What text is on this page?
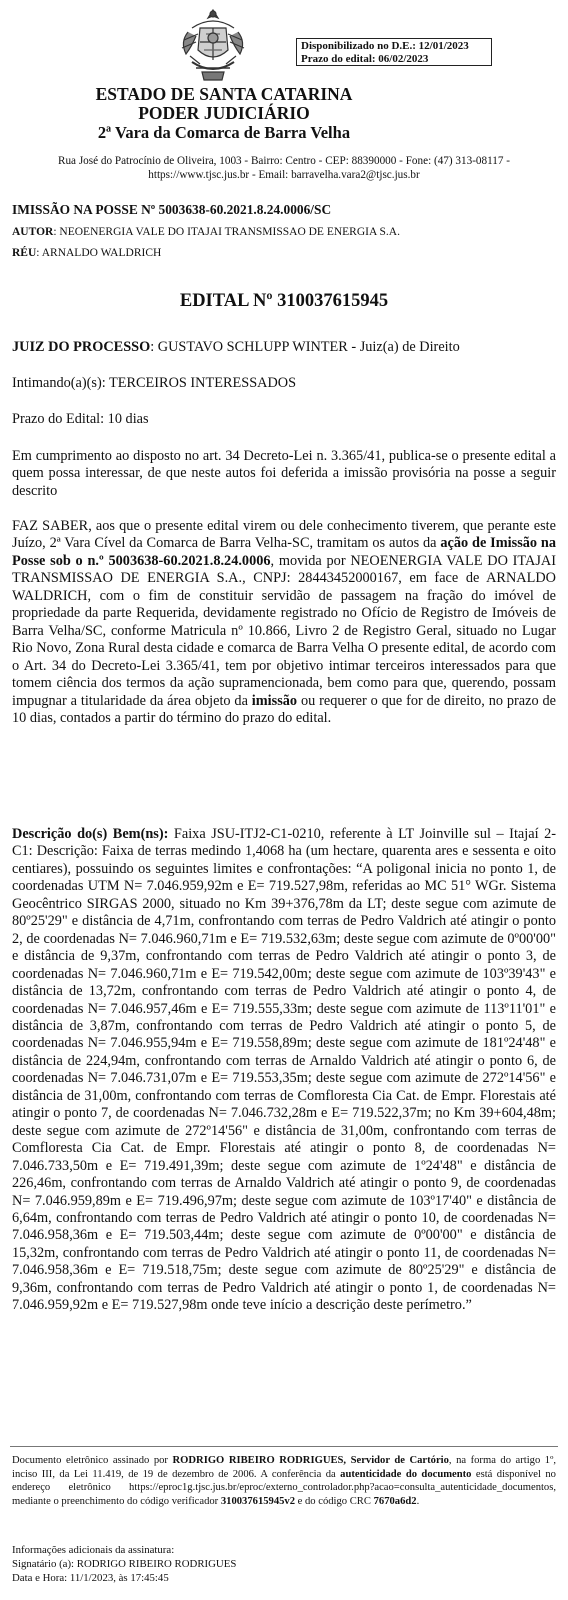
Disponibilizado no D.E.: 12/01/2023
Prazo do edital: 06/02/2023
ESTADO DE SANTA CATARINA
PODER JUDICIÁRIO
2ª Vara da Comarca de Barra Velha
Rua José do Patrocínio de Oliveira, 1003 - Bairro: Centro - CEP: 88390000 - Fone: (47) 313-08117 -
https://www.tjsc.jus.br - Email: barravelha.vara2@tjsc.jus.br
IMISSÃO NA POSSE Nº 5003638-60.2021.8.24.0006/SC
AUTOR: NEOENERGIA VALE DO ITAJAI TRANSMISSAO DE ENERGIA S.A.
RÉU: ARNALDO WALDRICH
EDITAL Nº 310037615945
JUIZ DO PROCESSO: GUSTAVO SCHLUPP WINTER - Juiz(a) de Direito
Intimando(a)(s): TERCEIROS INTERESSADOS
Prazo do Edital: 10 dias
Em cumprimento ao disposto no art. 34 Decreto-Lei n. 3.365/41, publica-se o presente edital a quem possa interessar, de que neste autos foi deferida a imissão provisória na posse a seguir descrito
FAZ SABER, aos que o presente edital virem ou dele conhecimento tiverem, que perante este Juízo, 2ª Vara Cível da Comarca de Barra Velha-SC, tramitam os autos da ação de Imissão na Posse sob o n.º 5003638-60.2021.8.24.0006, movida por NEOENERGIA VALE DO ITAJAI TRANSMISSAO DE ENERGIA S.A., CNPJ: 28443452000167, em face de ARNALDO WALDRICH, com o fim de constituir servidão de passagem na fração do imóvel de propriedade da parte Requerida, devidamente registrado no Ofício de Registro de Imóveis de Barra Velha/SC, conforme Matricula nº 10.866, Livro 2 de Registro Geral, situado no Lugar Rio Novo, Zona Rural desta cidade e comarca de Barra Velha O presente edital, de acordo com o Art. 34 do Decreto-Lei 3.365/41, tem por objetivo intimar terceiros interessados para que tomem ciência dos termos da ação supramencionada, bem como para que, querendo, possam impugnar a titularidade da área objeto da imissão ou requerer o que for de direito, no prazo de 10 dias, contados a partir do término do prazo do edital.
Descrição do(s) Bem(ns): Faixa JSU-ITJ2-C1-0210, referente à LT Joinville sul – Itajaí 2- C1: Descrição: Faixa de terras medindo 1,4068 ha (um hectare, quarenta ares e sessenta e oito centiares), possuindo os seguintes limites e confrontações: “A poligonal inicia no ponto 1, de coordenadas UTM N= 7.046.959,92m e E= 719.527,98m, referidas ao MC 51° WGr. Sistema Geocêntrico SIRGAS 2000, situado no Km 39+376,78m da LT; deste segue com azimute de 80º25'29" e distância de 4,71m, confrontando com terras de Pedro Valdrich até atingir o ponto 2, de coordenadas N= 7.046.960,71m e E= 719.532,63m; deste segue com azimute de 0º00'00" e distância de 9,37m, confrontando com terras de Pedro Valdrich até atingir o ponto 3, de coordenadas N= 7.046.960,71m e E= 719.542,00m; deste segue com azimute de 103º39'43" e distância de 13,72m, confrontando com terras de Pedro Valdrich até atingir o ponto 4, de coordenadas N= 7.046.957,46m e E= 719.555,33m; deste segue com azimute de 113º11'01" e distância de 3,87m, confrontando com terras de Pedro Valdrich até atingir o ponto 5, de coordenadas N= 7.046.955,94m e E= 719.558,89m; deste segue com azimute de 181º24'48" e distância de 224,94m, confrontando com terras de Arnaldo Valdrich até atingir o ponto 6, de coordenadas N= 7.046.731,07m e E= 719.553,35m; deste segue com azimute de 272º14'56" e distância de 31,00m, confrontando com terras de Comfloresta Cia Cat. de Empr. Florestais até atingir o ponto 7, de coordenadas N= 7.046.732,28m e E= 719.522,37m; no Km 39+604,48m; deste segue com azimute de 272º14'56" e distância de 31,00m, confrontando com terras de Comfloresta Cia Cat. de Empr. Florestais até atingir o ponto 8, de coordenadas N= 7.046.733,50m e E= 719.491,39m; deste segue com azimute de 1º24'48" e distância de 226,46m, confrontando com terras de Arnaldo Valdrich até atingir o ponto 9, de coordenadas N= 7.046.959,89m e E= 719.496,97m; deste segue com azimute de 103º17'40" e distância de 6,64m, confrontando com terras de Pedro Valdrich até atingir o ponto 10, de coordenadas N= 7.046.958,36m e E= 719.503,44m; deste segue com azimute de 0º00'00" e distância de 15,32m, confrontando com terras de Pedro Valdrich até atingir o ponto 11, de coordenadas N= 7.046.958,36m e E= 719.518,75m; deste segue com azimute de 80º25'29" e distância de 9,36m, confrontando com terras de Pedro Valdrich até atingir o ponto 1, de coordenadas N= 7.046.959,92m e E= 719.527,98m onde teve início a descrição deste perímetro.”
Documento eletrônico assinado por RODRIGO RIBEIRO RODRIGUES, Servidor de Cartório, na forma do artigo 1º, inciso III, da Lei 11.419, de 19 de dezembro de 2006. A conferência da autenticidade do documento está disponível no endereço eletrônico https://eproc1g.tjsc.jus.br/eproc/externo_controlador.php?acao=consulta_autenticidade_documentos, mediante o preenchimento do código verificador 310037615945v2 e do código CRC 7670a6d2.
Informações adicionais da assinatura:
Signatário (a): RODRIGO RIBEIRO RODRIGUES
Data e Hora: 11/1/2023, às 17:45:45
